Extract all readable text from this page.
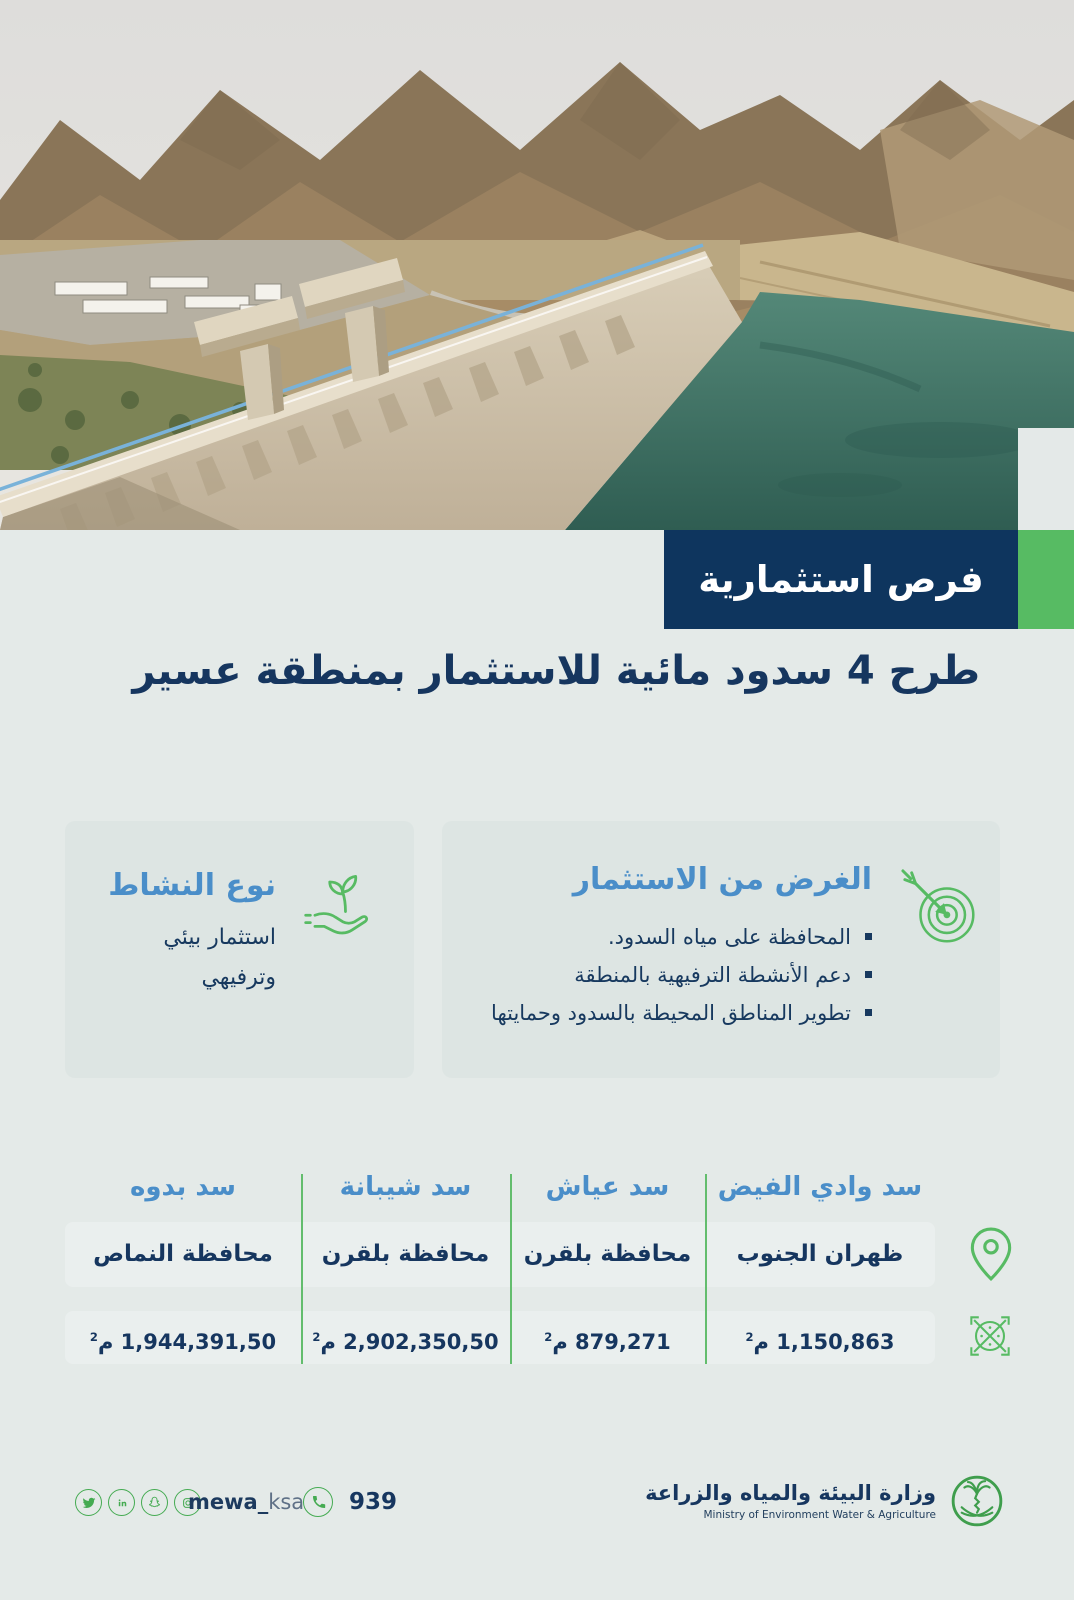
فرص استثمارية
طرح 4 سدود مائية للاستثمار بمنطقة عسير
نوع النشاط
استثمار بيئي
وترفيهي
الغرض من الاستثمار
المحافظة على مياه السدود.
دعم الأنشطة الترفيهية بالمنطقة
تطوير المناطق المحيطة بالسدود وحمايتها
سد وادي الفيض
سد عياش
سد شيبانة
سد بدوه
ظهران الجنوب
محافظة بلقرن
محافظة بلقرن
محافظة النماص
1,150,863 م$^2$
879,271 م$^2$
2,902,350,50 م$^2$
1,944,391,50 م$^2$
mewa_ksa 939	وزارة البيئة والمياه والزراعة
Ministry of Environment Water & Agriculture
